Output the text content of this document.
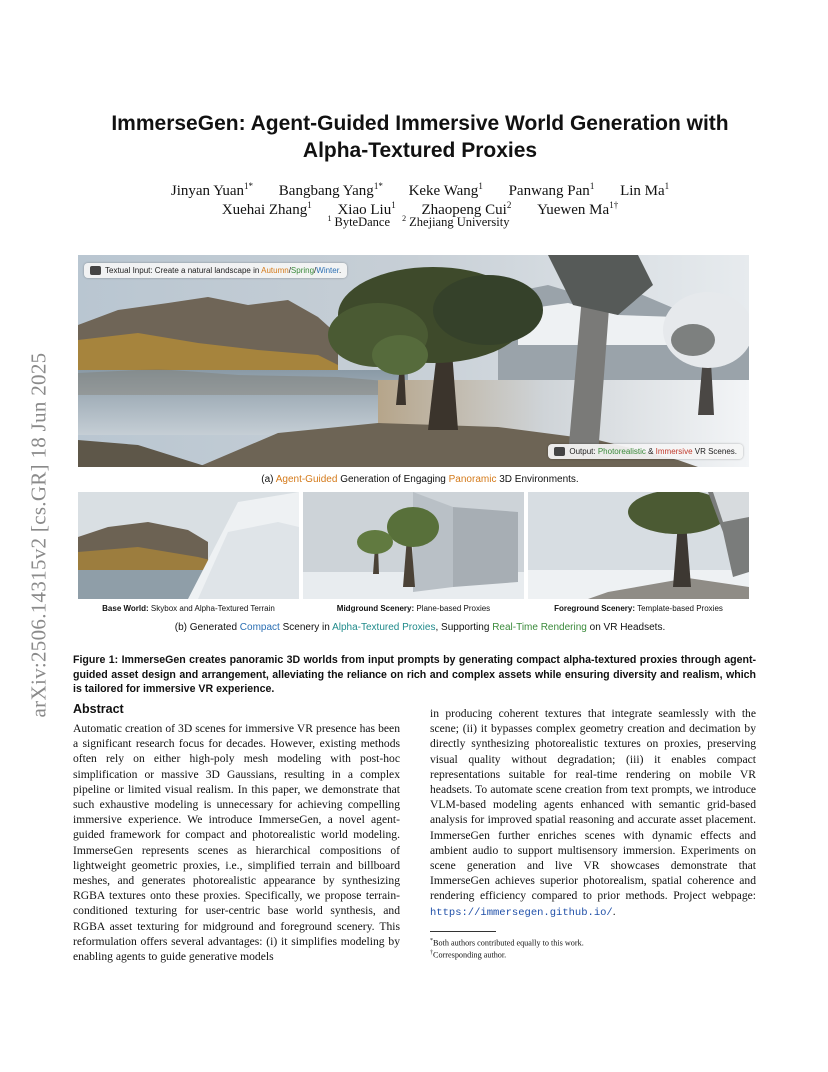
arXiv:2506.14315v2 [cs.GR] 18 Jun 2025
ImmerseGen: Agent-Guided Immersive World Generation with
Alpha-Textured Proxies
Jinyan Yuan$^{1*}$ Bangbang Yang$^{1*}$ Keke Wang$^1$ Panwang Pan$^1$ Lin Ma$^1$
Xuehai Zhang$^1$ Xiao Liu$^1$ Zhaopeng Cui$^2$ Yuewen $Ma^{1\dagger}$
$^1$ ByteDance $^2$ Zhejiang University
Textual Input: Create a natural landscape in Autumn/Spring/Winter.
Output: Photorealistic & Immersive VR Scenes.
(a) Agent-Guided Generation of Engaging Panoramic 3D Environments.
Base World: Skybox and Alpha-Textured Terrain	Midground Scenery: Plane-based Proxies	Foreground Scenery: Template-based Proxies
(b) Generated Compact Scenery in Alpha-Textured Proxies, Supporting Real-Time Rendering on VR Headsets.
Figure 1: ImmerseGen creates panoramic 3D worlds from input prompts by generating compact alpha-textured proxies through agent-guided asset design and arrangement, alleviating the reliance on rich and complex assets while ensuring diversity and realism, which is tailored for immersive VR experience.
Abstract
Automatic creation of 3D scenes for immersive VR presence has been a significant research focus for decades. However, existing methods often rely on either high-poly mesh modeling with post-hoc simplification or massive 3D Gaussians, resulting in a complex pipeline or limited visual realism. In this paper, we demonstrate that such exhaustive modeling is unnecessary for achieving compelling immersive experience. We introduce ImmerseGen, a novel agent-guided framework for compact and photorealistic world modeling. ImmerseGen represents scenes as hierarchical compositions of lightweight geometric proxies, i.e., simplified terrain and billboard meshes, and generates photorealistic appearance by synthesizing RGBA textures onto these proxies. Specifically, we propose terrain-conditioned texturing for user-centric base world synthesis, and RGBA asset texturing for midground and foreground scenery. This reformulation offers several advantages: (i) it simplifies modeling by enabling agents to guide generative models
in producing coherent textures that integrate seamlessly with the scene; (ii) it bypasses complex geometry creation and decimation by directly synthesizing photorealistic textures on proxies, preserving visual quality without degradation; (iii) it enables compact representations suitable for real-time rendering on mobile VR headsets. To automate scene creation from text prompts, we introduce VLM-based modeling agents enhanced with semantic grid-based analysis for improved spatial reasoning and accurate asset placement. ImmerseGen further enriches scenes with dynamic effects and ambient audio to support multisensory immersion. Experiments on scene generation and live VR showcases demonstrate that ImmerseGen achieves superior photorealism, spatial coherence and rendering efficiency compared to prior methods. Project webpage: https://immersegen.github.io/.
*Both authors contributed equally to this work.
†Corresponding author.
